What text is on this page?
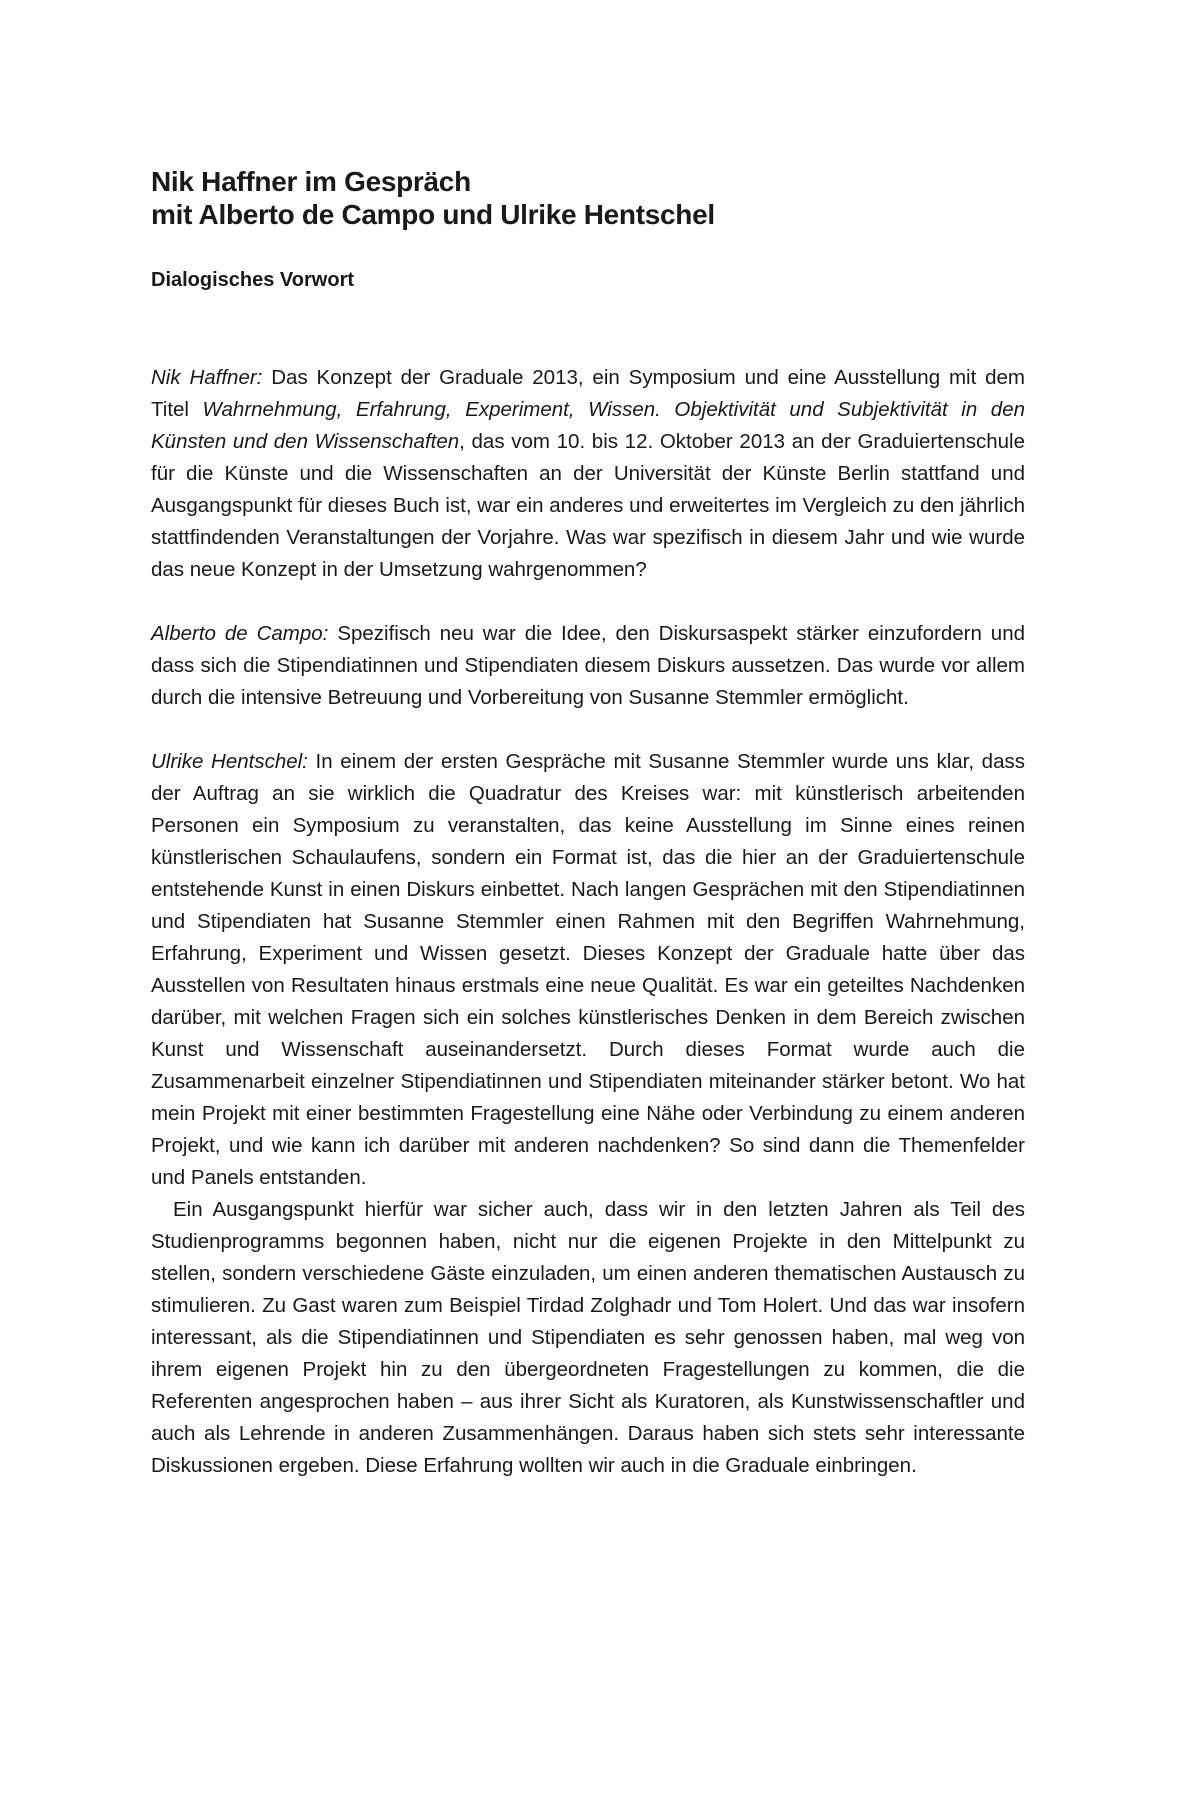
Nik Haffner im Gespräch
mit Alberto de Campo und Ulrike Hentschel
Dialogisches Vorwort

Nik Haffner: Das Konzept der Graduale 2013, ein Symposium und eine Ausstellung mit dem Titel Wahrnehmung, Erfahrung, Experiment, Wissen. Objektivität und Subjektivität in den Künsten und den Wissenschaften, das vom 10. bis 12. Oktober 2013 an der Graduiertenschule für die Künste und die Wissenschaften an der Universität der Künste Berlin stattfand und Ausgangspunkt für dieses Buch ist, war ein anderes und erweitertes im Vergleich zu den jährlich stattfindenden Veranstaltungen der Vorjahre. Was war spezifisch in diesem Jahr und wie wurde das neue Konzept in der Umsetzung wahrgenommen?

Alberto de Campo: Spezifisch neu war die Idee, den Diskursaspekt stärker einzufordern und dass sich die Stipendiatinnen und Stipendiaten diesem Diskurs aussetzen. Das wurde vor allem durch die intensive Betreuung und Vorbereitung von Susanne Stemmler ermöglicht.

Ulrike Hentschel: In einem der ersten Gespräche mit Susanne Stemmler wurde uns klar, dass der Auftrag an sie wirklich die Quadratur des Kreises war: mit künstlerisch arbeitenden Personen ein Symposium zu veranstalten, das keine Ausstellung im Sinne eines reinen künstlerischen Schaulaufens, sondern ein Format ist, das die hier an der Graduiertenschule entstehende Kunst in einen Diskurs einbettet. Nach langen Gesprächen mit den Stipendiatinnen und Stipendiaten hat Susanne Stemmler einen Rahmen mit den Begriffen Wahrnehmung, Erfahrung, Experiment und Wissen gesetzt. Dieses Konzept der Graduale hatte über das Ausstellen von Resultaten hinaus erstmals eine neue Qualität. Es war ein geteiltes Nachdenken darüber, mit welchen Fragen sich ein solches künstlerisches Denken in dem Bereich zwischen Kunst und Wissenschaft auseinandersetzt. Durch dieses Format wurde auch die Zusammenarbeit einzelner Stipendiatinnen und Stipendiaten miteinander stärker betont. Wo hat mein Projekt mit einer bestimmten Fragestellung eine Nähe oder Verbindung zu einem anderen Projekt, und wie kann ich darüber mit anderen nachdenken? So sind dann die Themenfelder und Panels entstanden.

Ein Ausgangspunkt hierfür war sicher auch, dass wir in den letzten Jahren als Teil des Studienprogramms begonnen haben, nicht nur die eigenen Projekte in den Mittelpunkt zu stellen, sondern verschiedene Gäste einzuladen, um einen anderen thematischen Austausch zu stimulieren. Zu Gast waren zum Beispiel Tirdad Zolghadr und Tom Holert. Und das war insofern interessant, als die Stipendiatinnen und Stipendiaten es sehr genossen haben, mal weg von ihrem eigenen Projekt hin zu den übergeordneten Fragestellungen zu kommen, die die Referenten angesprochen haben – aus ihrer Sicht als Kuratoren, als Kunstwissenschaftler und auch als Lehrende in anderen Zusammenhängen. Daraus haben sich stets sehr interessante Diskussionen ergeben. Diese Erfahrung wollten wir auch in die Graduale einbringen.
